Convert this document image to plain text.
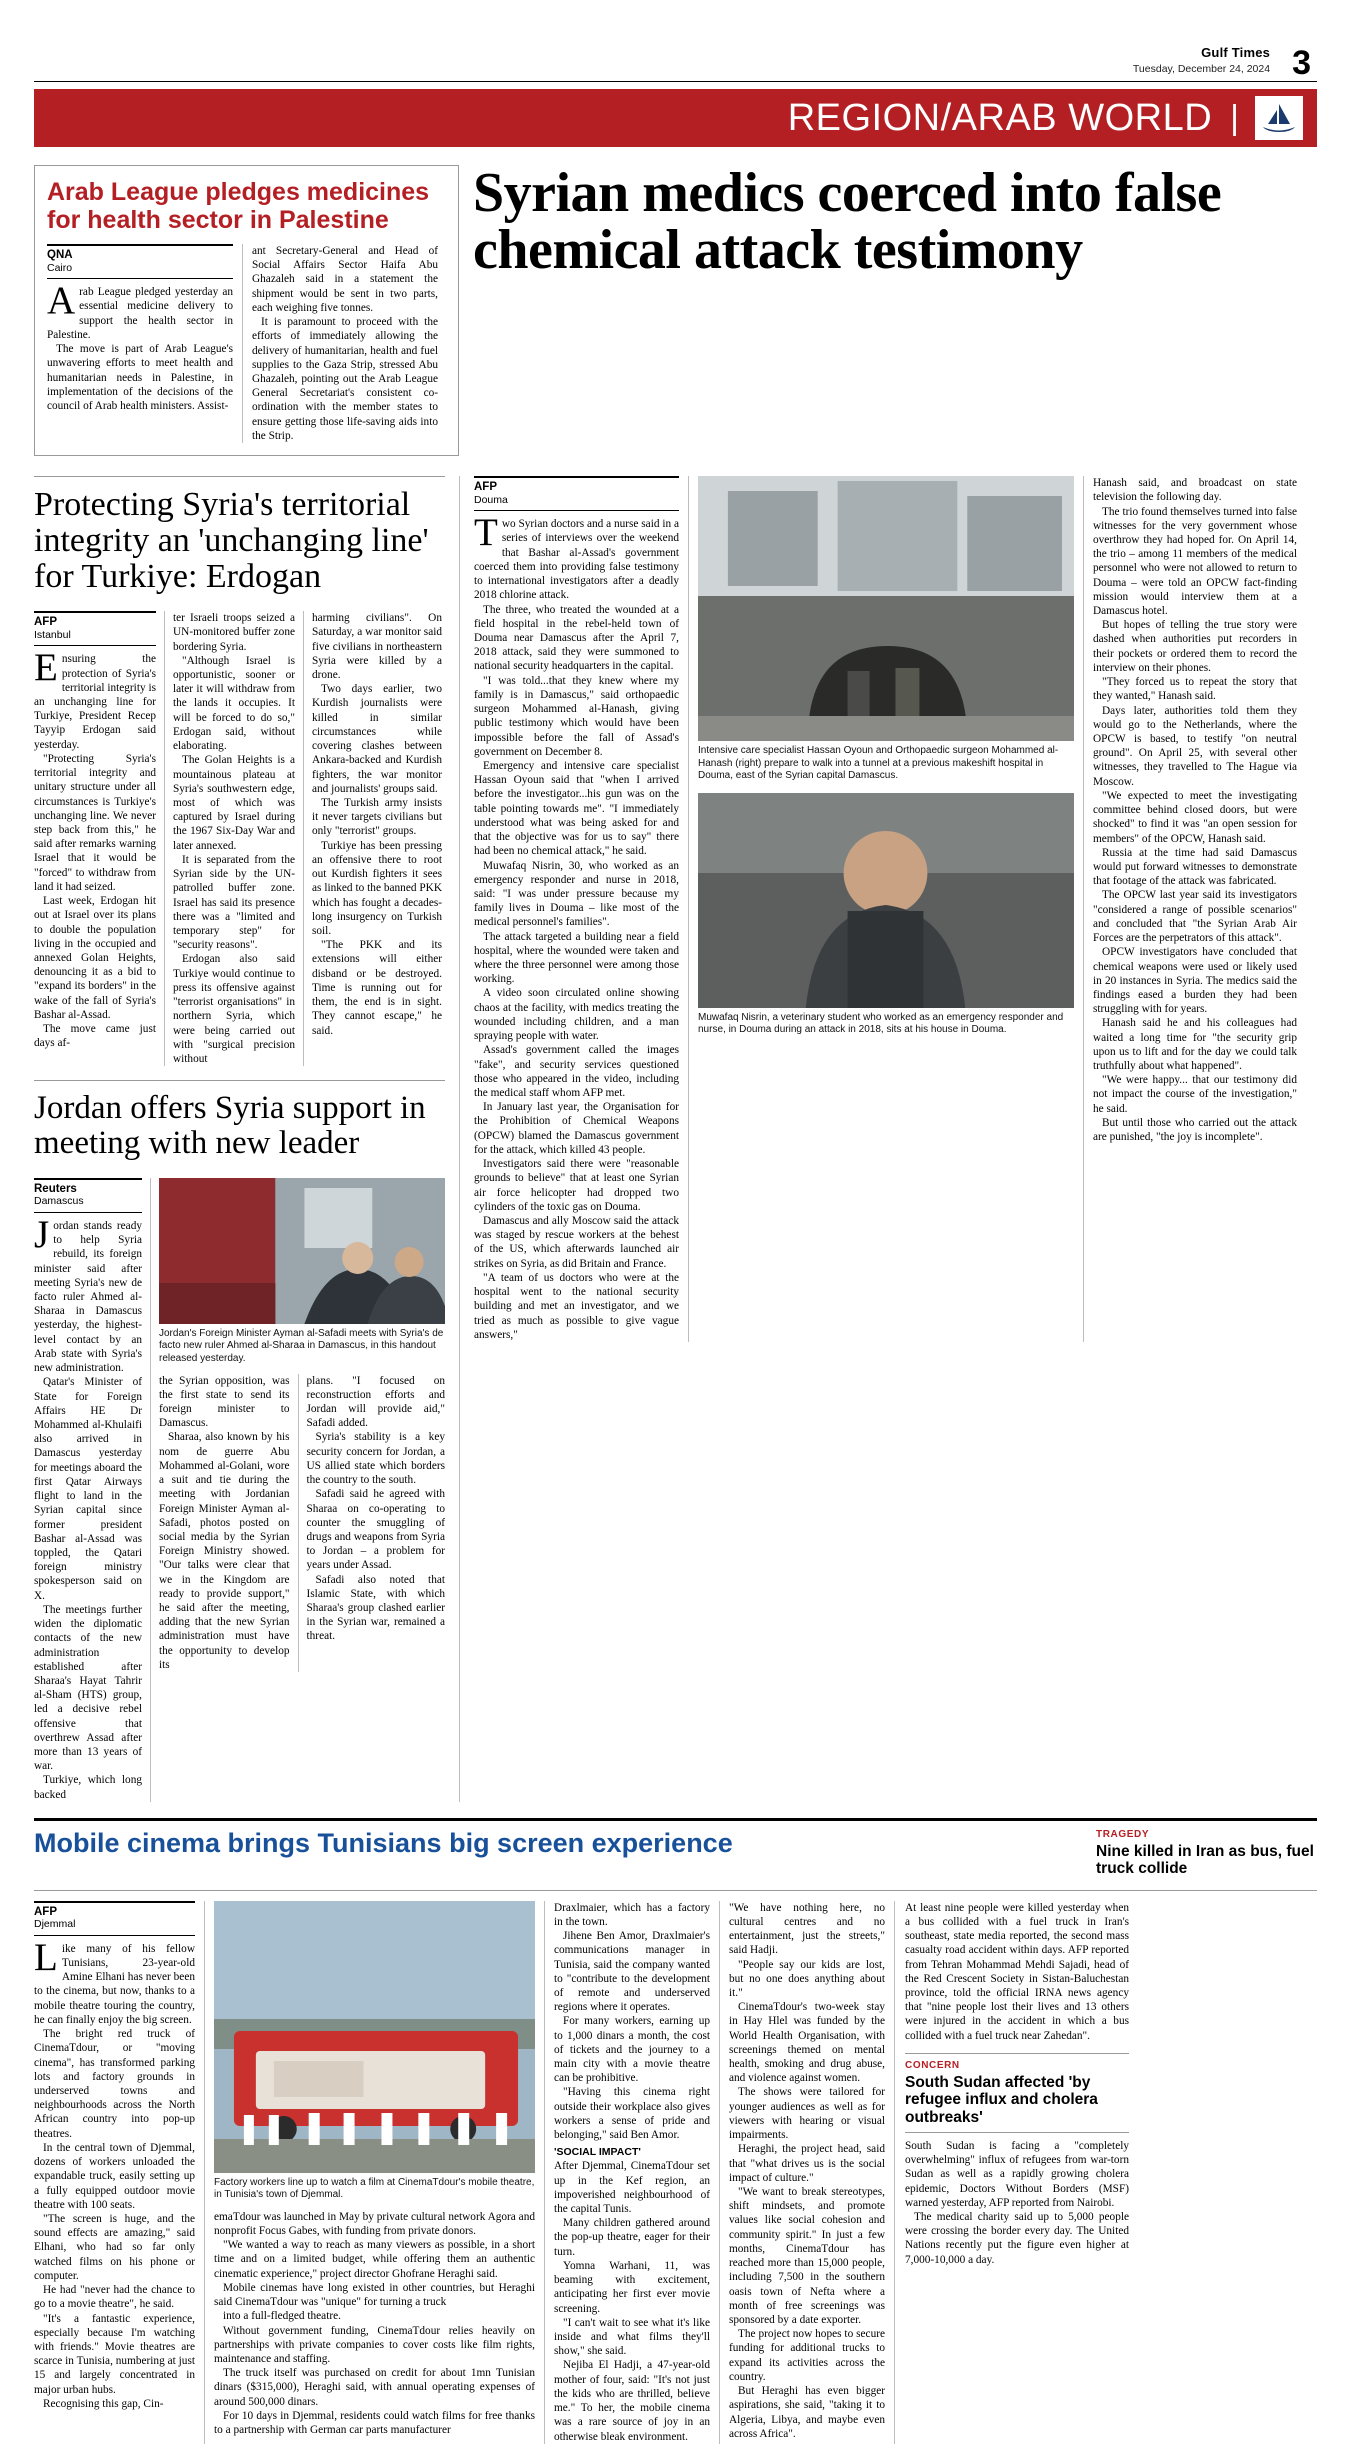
Gulf Times
Tuesday, December 24, 2024 3
REGION/ARAB WORLD |
Arab League pledges medicines for health sector in Palestine
QNA
Cairo

Arab League pledged yesterday an essential medicine delivery to support the health sector in Palestine.

The move is part of Arab League's unwavering efforts to meet health and humanitarian needs in Palestine, in implementation of the decisions of the council of Arab health ministers. Assist-

ant Secretary-General and Head of Social Affairs Sector Haifa Abu Ghazaleh said in a statement the shipment would be sent in two parts, each weighing five tonnes.

It is paramount to proceed with the efforts of immediately allowing the delivery of humanitarian, health and fuel supplies to the Gaza Strip, stressed Abu Ghazaleh, pointing out the Arab League General Secretariat's consistent co-ordination with the member states to ensure getting those life-saving aids into the Strip.

Syrian medics coerced into false chemical attack testimony
Protecting Syria's territorial integrity an 'unchanging line' for Turkiye: Erdogan
AFP
Istanbul

Ensuring the protection of Syria's territorial integrity is an unchanging line for Turkiye, President Recep Tayyip Erdogan said yesterday.

"Protecting Syria's territorial integrity and unitary structure under all circumstances is Turkiye's unchanging line. We never step back from this," he said after remarks warning Israel that it would be "forced" to withdraw from land it had seized.

Last week, Erdogan hit out at Israel over its plans to double the population living in the occupied and annexed Golan Heights, denouncing it as a bid to "expand its borders" in the wake of the fall of Syria's Bashar al-Assad.

The move came just days af-

ter Israeli troops seized a UN-monitored buffer zone bordering Syria.

"Although Israel is opportunistic, sooner or later it will withdraw from the lands it occupies. It will be forced to do so," Erdogan said, without elaborating.

The Golan Heights is a mountainous plateau at Syria's southwestern edge, most of which was captured by Israel during the 1967 Six-Day War and later annexed.

It is separated from the Syrian side by the UN-patrolled buffer zone. Israel has said its presence there was a "limited and temporary step" for "security reasons".

Erdogan also said Turkiye would continue to press its offensive against "terrorist organisations" in northern Syria, which were being carried out with "surgical precision without

harming civilians". On Saturday, a war monitor said five civilians in northeastern Syria were killed by a drone.

Two days earlier, two Kurdish journalists were killed in similar circumstances while covering clashes between Ankara-backed and Kurdish fighters, the war monitor and journalists' groups said.

The Turkish army insists it never targets civilians but only "terrorist" groups.

Turkiye has been pressing an offensive there to root out Kurdish fighters it sees as linked to the banned PKK which has fought a decades-long insurgency on Turkish soil.

"The PKK and its extensions will either disband or be destroyed. Time is running out for them, the end is in sight. They cannot escape," he said.

Jordan offers Syria support in meeting with new leader
Reuters
Damascus

Jordan stands ready to help Syria rebuild, its foreign minister said after meeting Syria's new de facto ruler Ahmed al-Sharaa in Damascus yesterday, the highest-level contact by an Arab state with Syria's new administration.

Qatar's Minister of State for Foreign Affairs HE Dr Mohammed al-Khulaifi also arrived in Damascus yesterday for meetings aboard the first Qatar Airways flight to land in the Syrian capital since former president Bashar al-Assad was toppled, the Qatari foreign ministry spokesperson said on X.

The meetings further widen the diplomatic contacts of the new administration established after Sharaa's Hayat Tahrir al-Sham (HTS) group, led a decisive rebel offensive that overthrew Assad after more than 13 years of war.

Turkiye, which long backed

Jordan's Foreign Minister Ayman al-Safadi meets with Syria's de facto new ruler Ahmed al-Sharaa in Damascus, in this handout released yesterday.

the Syrian opposition, was the first state to send its foreign minister to Damascus.

Sharaa, also known by his nom de guerre Abu Mohammed al-Golani, wore a suit and tie during the meeting with Jordanian Foreign Minister Ayman al-Safadi, photos posted on social media by the Syrian Foreign Ministry showed. "Our talks were clear that we in the Kingdom are ready to provide support," he said after the meeting, adding that the new Syrian administration must have the opportunity to develop its

plans. "I focused on reconstruction efforts and Jordan will provide aid," Safadi added.

Syria's stability is a key security concern for Jordan, a US allied state which borders the country to the south.

Safadi said he agreed with Sharaa on co-operating to counter the smuggling of drugs and weapons from Syria to Jordan – a problem for years under Assad.

Safadi also noted that Islamic State, with which Sharaa's group clashed earlier in the Syrian war, remained a threat.

AFP
Douma

Two Syrian doctors and a nurse said in a series of interviews over the weekend that Bashar al-Assad's government coerced them into providing false testimony to international investigators after a deadly 2018 chlorine attack.

The three, who treated the wounded at a field hospital in the rebel-held town of Douma near Damascus after the April 7, 2018 attack, said they were summoned to national security headquarters in the capital.

"I was told...that they knew where my family is in Damascus," said orthopaedic surgeon Mohammed al-Hanash, giving public testimony which would have been impossible before the fall of Assad's government on December 8.

Emergency and intensive care specialist Hassan Oyoun said that "when I arrived before the investigator...his gun was on the table pointing towards me". "I immediately understood what was being asked for and that the objective was for us to say" there had been no chemical attack," he said.

Muwafaq Nisrin, 30, who worked as an emergency responder and nurse in 2018, said: "I was under pressure because my family lives in Douma – like most of the medical personnel's families".

The attack targeted a building near a field hospital, where the wounded were taken and where the three personnel were among those working.

A video soon circulated online showing chaos at the facility, with medics treating the wounded including children, and a man spraying people with water.

Assad's government called the images "fake", and security services questioned those who appeared in the video, including the medical staff whom AFP met.

In January last year, the Organisation for the Prohibition of Chemical Weapons (OPCW) blamed the Damascus government for the attack, which killed 43 people.

Investigators said there were "reasonable grounds to believe" that at least one Syrian air force helicopter had dropped two cylinders of the toxic gas on Douma.

Damascus and ally Moscow said the attack was staged by rescue workers at the behest of the US, which afterwards launched air strikes on Syria, as did Britain and France.

"A team of us doctors who were at the hospital went to the national security building and met an investigator, and we tried as much as possible to give vague answers,"

Intensive care specialist Hassan Oyoun and Orthopaedic surgeon Mohammed al-Hanash (right) prepare to walk into a tunnel at a previous makeshift hospital in Douma, east of the Syrian capital Damascus.
Muwafaq Nisrin, a veterinary student who worked as an emergency responder and nurse, in Douma during an attack in 2018, sits at his house in Douma.

Hanash said, and broadcast on state television the following day.

The trio found themselves turned into false witnesses for the very government whose overthrow they had hoped for. On April 14, the trio – among 11 members of the medical personnel who were not allowed to return to Douma – were told an OPCW fact-finding mission would interview them at a Damascus hotel.

But hopes of telling the true story were dashed when authorities put recorders in their pockets or ordered them to record the interview on their phones.

"They forced us to repeat the story that they wanted," Hanash said.

Days later, authorities told them they would go to the Netherlands, where the OPCW is based, to testify "on neutral ground". On April 25, with several other witnesses, they travelled to The Hague via Moscow.

"We expected to meet the investigating committee behind closed doors, but were shocked" to find it was "an open session for members" of the OPCW, Hanash said.

Russia at the time had said Damascus would put forward witnesses to demonstrate that footage of the attack was fabricated.

The OPCW last year said its investigators "considered a range of possible scenarios" and concluded that "the Syrian Arab Air Forces are the perpetrators of this attack".

OPCW investigators have concluded that chemical weapons were used or likely used in 20 instances in Syria. The medics said the findings eased a burden they had been struggling with for years.

Hanash said he and his colleagues had waited a long time for "the security grip upon us to lift and for the day we could talk truthfully about what happened".

"We were happy... that our testimony did not impact the course of the investigation," he said.

But until those who carried out the attack are punished, "the joy is incomplete".

Mobile cinema brings Tunisians big screen experience	TRAGEDY
Nine killed in Iran as bus, fuel truck collide
AFP
Djemmal

Like many of his fellow Tunisians, 23-year-old Amine Elhani has never been to the cinema, but now, thanks to a mobile theatre touring the country, he can finally enjoy the big screen.

The bright red truck of CinemaTdour, or "moving cinema", has transformed parking lots and factory grounds in underserved towns and neighbourhoods across the North African country into pop-up theatres.

In the central town of Djemmal, dozens of workers unloaded the expandable truck, easily setting up a fully equipped outdoor movie theatre with 100 seats.

"The screen is huge, and the sound effects are amazing," said Elhani, who had so far only watched films on his phone or computer.

He had "never had the chance to go to a movie theatre", he said.

"It's a fantastic experience, especially because I'm watching with friends." Movie theatres are scarce in Tunisia, numbering at just 15 and largely concentrated in major urban hubs.

Recognising this gap, Cin-

Factory workers line up to watch a film at CinemaTdour's mobile theatre, in Tunisia's town of Djemmal.

emaTdour was launched in May by private cultural network Agora and nonprofit Focus Gabes, with funding from private donors.

"We wanted a way to reach as many viewers as possible, in a short time and on a limited budget, while offering them an authentic cinematic experience," project director Ghofrane Heraghi said.

Mobile cinemas have long existed in other countries, but Heraghi said CinemaTdour was "unique" for turning a truck

into a full-fledged theatre.

Without government funding, CinemaTdour relies heavily on partnerships with private companies to cover costs like film rights, maintenance and staffing.

The truck itself was purchased on credit for about 1mn Tunisian dinars ($315,000), Heraghi said, with annual operating expenses of around 500,000 dinars.

For 10 days in Djemmal, residents could watch films for free thanks to a partnership with German car parts manufacturer

Draxlmaier, which has a factory in the town.

Jihene Ben Amor, Draxlmaier's communications manager in Tunisia, said the company wanted to "contribute to the development of remote and underserved regions where it operates.

For many workers, earning up to 1,000 dinars a month, the cost of tickets and the journey to a main city with a movie theatre can be prohibitive.

"Having this cinema right outside their workplace also gives workers a sense of pride and belonging," said Ben Amor.

'SOCIAL IMPACT'

After Djemmal, CinemaTdour set up in the Kef region, an impoverished neighbourhood of the capital Tunis.

Many children gathered around the pop-up theatre, eager for their turn.

Yomna Warhani, 11, was beaming with excitement, anticipating her first ever movie screening.

"I can't wait to see what it's like inside and what films they'll show," she said.

Nejiba El Hadji, a 47-year-old mother of four, said: "It's not just the kids who are thrilled, believe me." To her, the mobile cinema was a rare source of joy in an otherwise bleak environment.

"We have nothing here, no cultural centres and no entertainment, just the streets," said Hadji.

"People say our kids are lost, but no one does anything about it."

CinemaTdour's two-week stay in Hay Hlel was funded by the World Health Organisation, with screenings themed on mental health, smoking and drug abuse, and violence against women.

The shows were tailored for younger audiences as well as for viewers with hearing or visual impairments.

Heraghi, the project head, said that "what drives us is the social impact of culture."

"We want to break stereotypes, shift mindsets, and promote values like social cohesion and community spirit." In just a few months, CinemaTdour has reached more than 15,000 people, including 7,500 in the southern oasis town of Nefta where a month of free screenings was sponsored by a date exporter.

The project now hopes to secure funding for additional trucks to expand its activities across the country.

But Heraghi has even bigger aspirations, she said, "taking it to Algeria, Libya, and maybe even across Africa".

At least nine people were killed yesterday when a bus collided with a fuel truck in Iran's southeast, state media reported, the second mass casualty road accident within days. AFP reported from Tehran Mohammad Mehdi Sajadi, head of the Red Crescent Society in Sistan-Baluchestan province, told the official IRNA news agency that "nine people lost their lives and 13 others were injured in the accident in which a bus collided with a fuel truck near Zahedan".

CONCERN
South Sudan affected 'by refugee influx and cholera outbreaks'

South Sudan is facing a "completely overwhelming" influx of refugees from war-torn Sudan as well as a rapidly growing cholera epidemic, Doctors Without Borders (MSF) warned yesterday, AFP reported from Nairobi.

The medical charity said up to 5,000 people were crossing the border every day. The United Nations recently put the figure even higher at 7,000-10,000 a day.
